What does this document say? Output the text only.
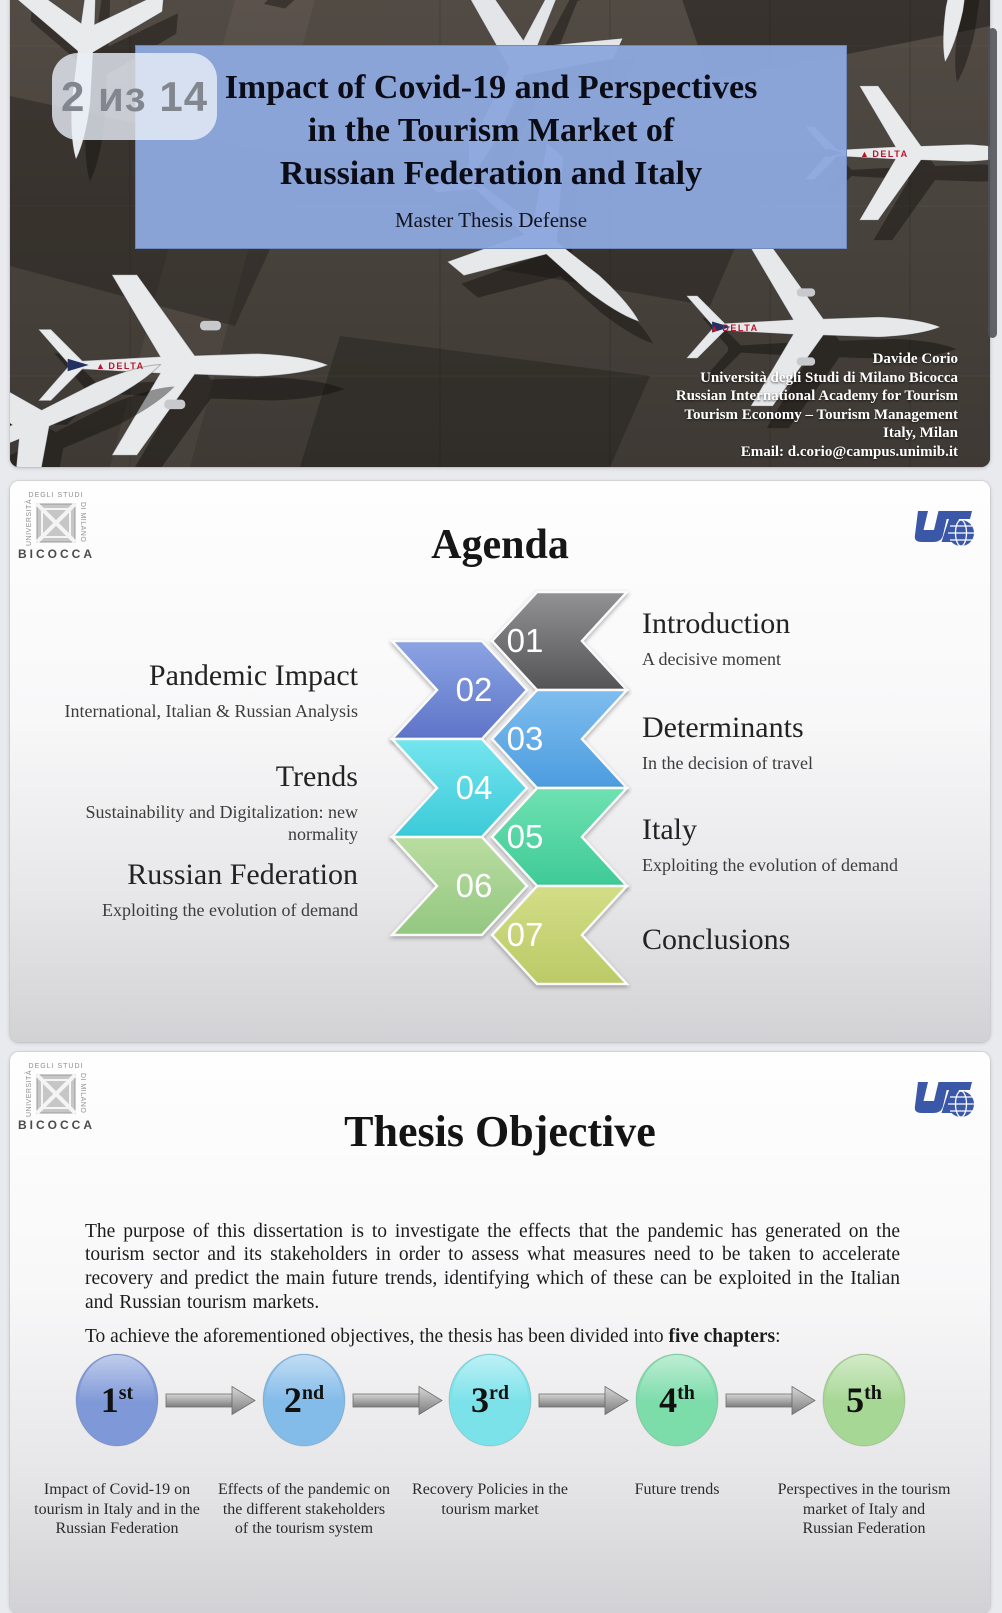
▲ DELTA
▲ DELTA
▲ DELTA
Impact of Covid-19 and Perspectives
in the Tourism Market of
Russian Federation and Italy
Master Thesis Defense
Davide Corio
Università degli Studi di Milano Bicocca
Russian International Academy for Tourism
Tourism Economy – Tourism Management
Italy, Milan
Email: d.corio@campus.unimib.it
DEGLI STUDI
UNIVERSITÀ	DI MILANO
BICOCCA	Agenda
01
02
03
04
05
06
07
Introduction
A decisive moment
Pandemic Impact
International, Italian & Russian Analysis	Determinants
In the decision of travel
Trends
Sustainability and Digitalization: new normality	Italy
Exploiting the evolution of demand
Russian Federation
Exploiting the evolution of demand
Conclusions
DEGLI STUDI
UNIVERSITÀ	DI MILANO
BICOCCA	Thesis Objective

The purpose of this dissertation is to investigate the effects that the pandemic has generated on the tourism sector and its stakeholders in order to assess what measures need to be taken to accelerate recovery and predict the main future trends, identifying which of these can be exploited in the Italian and Russian tourism markets.

To achieve the aforementioned objectives, the thesis has been divided into five chapters:

1st	2nd	3rd	4th	5th
Impact of Covid-19 on tourism in Italy and in the Russian Federation
Effects of the pandemic on the different stakeholders of the tourism system
Recovery Policies in the tourism market
Future trends	Perspectives in the tourism market of Italy and Russian Federation
2 из 14
